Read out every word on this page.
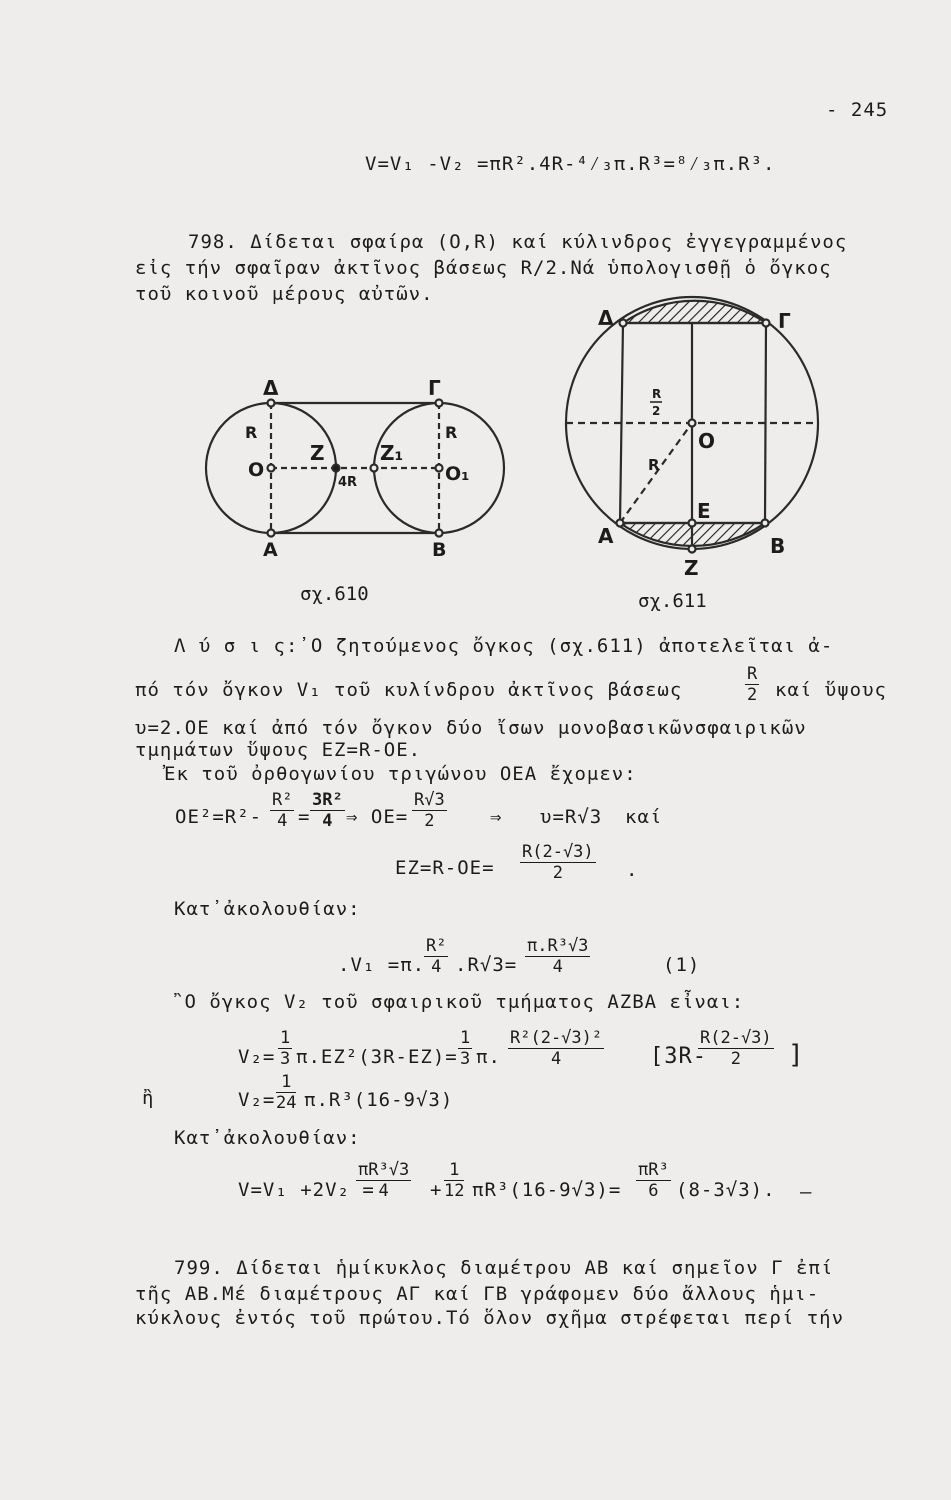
- 245
V=V₁ -V₂ =πR².4R-⁴⁄₃π.R³=⁸⁄₃π.R³.
798. Δίδεται σφαίρα (O,R) καί κύλινδρος ἐγγεγραμμένος
εἰς τήν σφαῖραν ἀκτῖνος βάσεως R/2.Νά ὑπολογισθῇ ὁ ὄγκος
τοῦ κοινοῦ μέρους αὐτῶν.
Δ	Γ
R	R
O
Z	Z₁
O₁
4R
A	B
σχ.610
Δ	Γ
R
2
O
R
E
A	B
Z
σχ.611
Λ ύ σ ι ς:᾿Ο ζητούμενος ὄγκος (σχ.611) ἀποτελεῖται ἀ-
πό τόν ὄγκον V₁ τοῦ κυλίνδρου ἀκτῖνος βάσεως	$\frac{R}{2}$ καί ὕψους
υ=2.OE καί ἀπό τόν ὄγκον δύο ἴσων μονοβασικῶνσφαιρικῶν
τμημάτων ὕψους EZ=R-OE.
Ἐκ τοῦ ὀρθογωνίου τριγώνου OEA ἔχομεν:
$OE^2=R^2- \frac{\text{R²}}{4} = \frac{\text{3R²}}{4}$ ⇒ $OE= \frac{R√3}{2}$ ⇒ υ=R√3 καί
$EZ=R-OE= \frac{R(2-√3)}{2}$ .
Κατ᾿ἀκολουθίαν:
.V₁ =π.
$\frac{\text{R²}}{4} .R√3= \frac{\text{π.R³√3}}{4}$	(1)
῍Ο ὄγκος V₂ τοῦ σφαιρικοῦ τμήματος AZBA εἶναι:
$V_2= \frac{1}{3} \pi.EZ^2(3R-EZ)= \frac{1}{3} \pi$. $\frac{\text{R²(2-√3)²}}{4} [3R-$
$\frac{R(2-√3)}{2}$ ]
ἢ	$V_2= \frac{1}{24} \pi.R^3(16-9√3)$
Κατ᾿ἀκολουθίαν:
V=V₁ +2V₂ =
$\frac{\text{πR³√3}}{4} + \frac{1}{12} \pi R^3(16-9√3)= \frac{\text{πR³}}{6} (8-3√3)$. —
799. Δίδεται ἡμίκυκλος διαμέτρου AB καί σημεῖον Γ ἐπί
τῆς AB.Μέ διαμέτρους AΓ καί ΓB γράφομεν δύο ἄλλους ἡμι-
κύκλους ἐντός τοῦ πρώτου.Τό ὅλον σχῆμα στρέφεται περί τήν
